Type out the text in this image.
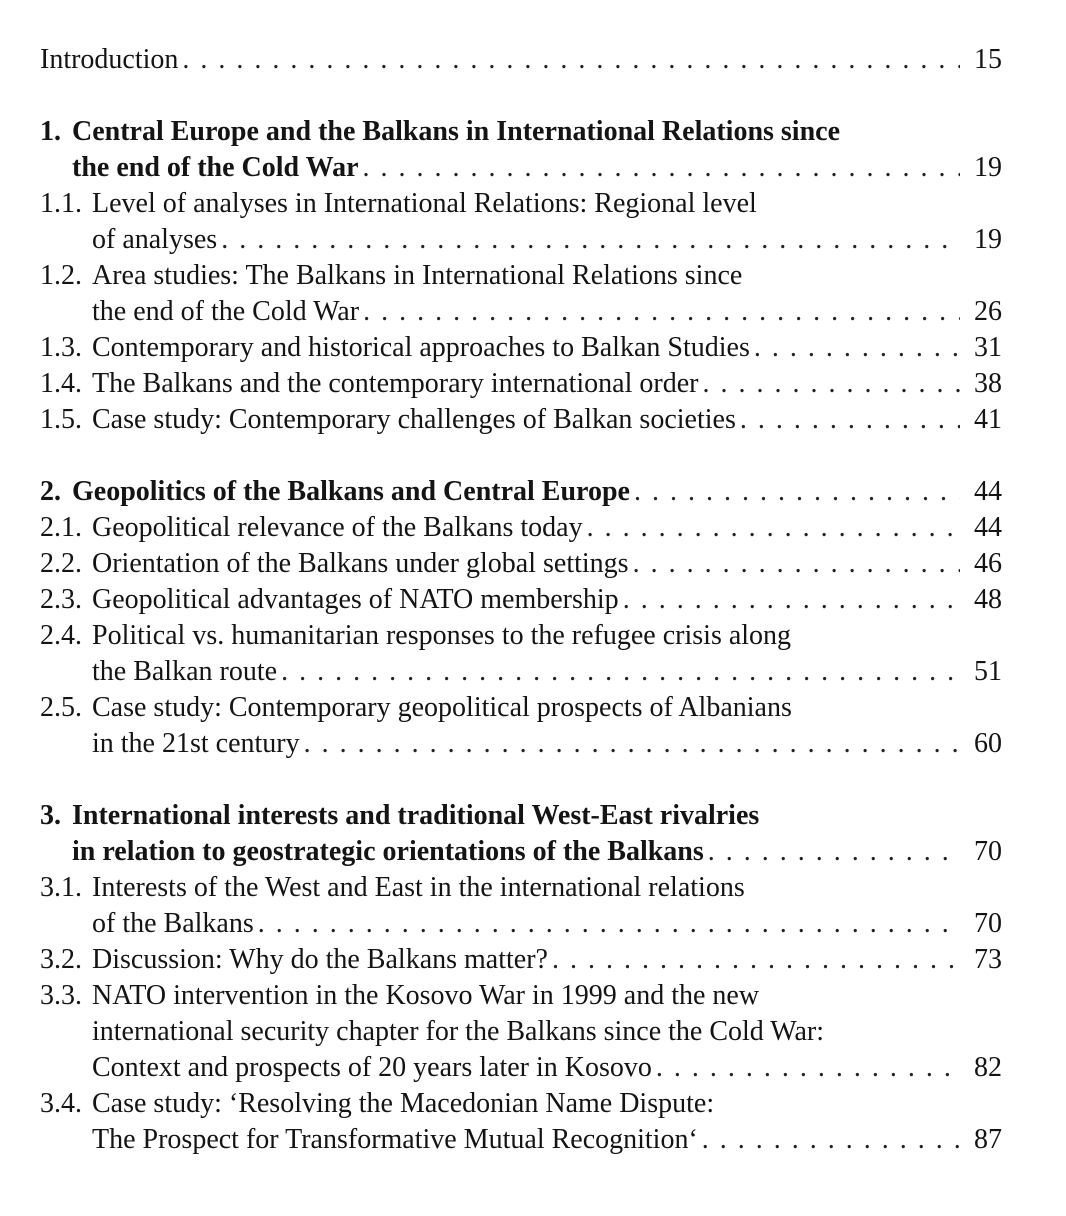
Introduction . . .	15
1. Central Europe and the Balkans in International Relations since
the end of the Cold War . . .	19
1.1. Level of analyses in International Relations: Regional level
of analyses . . .	19
1.2. Area studies: The Balkans in International Relations since
the end of the Cold War . . .	26
1.3. Contemporary and historical approaches to Balkan Studies . . .	31
1.4. The Balkans and the contemporary international order . . .	38
1.5. Case study: Contemporary challenges of Balkan societies . . .	41
2. Geopolitics of the Balkans and Central Europe . . .	44
2.1. Geopolitical relevance of the Balkans today . . .	44
2.2. Orientation of the Balkans under global settings . . .	46
2.3. Geopolitical advantages of NATO membership . . .	48
2.4. Political vs. humanitarian responses to the refugee crisis along
the Balkan route . . .	51
2.5. Case study: Contemporary geopolitical prospects of Albanians
in the 21st century . . .	60
3. International interests and traditional West-East rivalries
in relation to geostrategic orientations of the Balkans . . .	70
3.1. Interests of the West and East in the international relations
of the Balkans . . .	70
3.2. Discussion: Why do the Balkans matter? . . .	73
3.3. NATO intervention in the Kosovo War in 1999 and the new
international security chapter for the Balkans since the Cold War:
Context and prospects of 20 years later in Kosovo . . .	82
3.4. Case study: ‘Resolving the Macedonian Name Dispute:
The Prospect for Transformative Mutual Recognition‘ . . .	87
